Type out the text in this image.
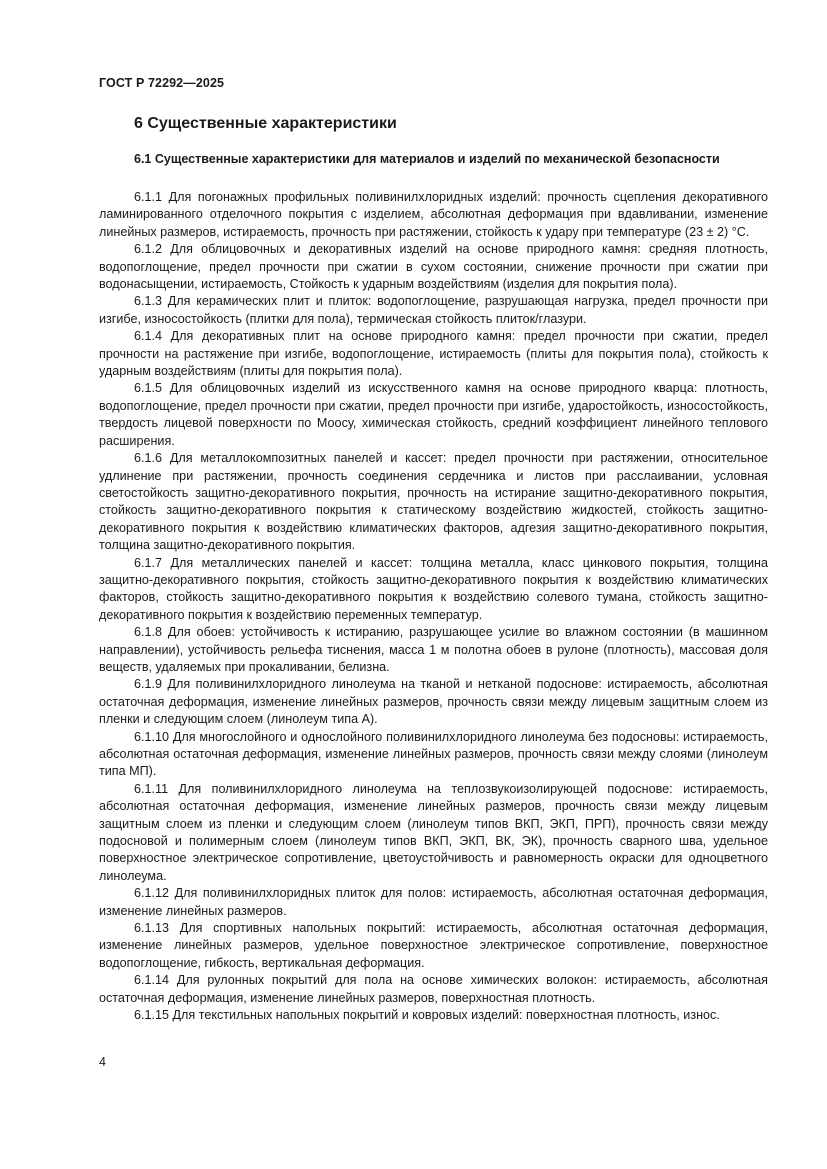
ГОСТ Р 72292—2025
6 Существенные характеристики
6.1 Существенные характеристики для материалов и изделий по механической безопасности

6.1.1 Для погонажных профильных поливинилхлоридных изделий: прочность сцепления декоративного ламинированного отделочного покрытия с изделием, абсолютная деформация при вдавливании, изменение линейных размеров, истираемость, прочность при растяжении, стойкость к удару при температуре (23 ± 2) °С.

6.1.2 Для облицовочных и декоративных изделий на основе природного камня: средняя плотность, водопоглощение, предел прочности при сжатии в сухом состоянии, снижение прочности при сжатии при водонасыщении, истираемость, Стойкость к ударным воздействиям (изделия для покрытия пола).

6.1.3 Для керамических плит и плиток: водопоглощение, разрушающая нагрузка, предел прочности при изгибе, износостойкость (плитки для пола), термическая стойкость плиток/глазури.

6.1.4 Для декоративных плит на основе природного камня: предел прочности при сжатии, предел прочности на растяжение при изгибе, водопоглощение, истираемость (плиты для покрытия пола), стойкость к ударным воздействиям (плиты для покрытия пола).

6.1.5 Для облицовочных изделий из искусственного камня на основе природного кварца: плотность, водопоглощение, предел прочности при сжатии, предел прочности при изгибе, ударостойкость, износостойкость, твердость лицевой поверхности по Моосу, химическая стойкость, средний коэффициент линейного теплового расширения.

6.1.6 Для металлокомпозитных панелей и кассет: предел прочности при растяжении, относительное удлинение при растяжении, прочность соединения сердечника и листов при расслаивании, условная светостойкость защитно-декоративного покрытия, прочность на истирание защитно-декоративного покрытия, стойкость защитно-декоративного покрытия к статическому воздействию жидкостей, стойкость защитно-декоративного покрытия к воздействию климатических факторов, адгезия защитно-декоративного покрытия, толщина защитно-декоративного покрытия.

6.1.7 Для металлических панелей и кассет: толщина металла, класс цинкового покрытия, толщина защитно-декоративного покрытия, стойкость защитно-декоративного покрытия к воздействию климатических факторов, стойкость защитно-декоративного покрытия к воздействию солевого тумана, стойкость защитно-декоративного покрытия к воздействию переменных температур.

6.1.8 Для обоев: устойчивость к истиранию, разрушающее усилие во влажном состоянии (в машинном направлении), устойчивость рельефа тиснения, масса 1 м полотна обоев в рулоне (плотность), массовая доля веществ, удаляемых при прокаливании, белизна.

6.1.9 Для поливинилхлоридного линолеума на тканой и нетканой подоснове: истираемость, абсолютная остаточная деформация, изменение линейных размеров, прочность связи между лицевым защитным слоем из пленки и следующим слоем (линолеум типа А).

6.1.10 Для многослойного и однослойного поливинилхлоридного линолеума без подосновы: истираемость, абсолютная остаточная деформация, изменение линейных размеров, прочность связи между слоями (линолеум типа МП).

6.1.11 Для поливинилхлоридного линолеума на теплозвукоизолирующей подоснове: истираемость, абсолютная остаточная деформация, изменение линейных размеров, прочность связи между лицевым защитным слоем из пленки и следующим слоем (линолеум типов ВКП, ЭКП, ПРП), прочность связи между подосновой и полимерным слоем (линолеум типов ВКП, ЭКП, ВК, ЭК), прочность сварного шва, удельное поверхностное электрическое сопротивление, цветоустойчивость и равномерность окраски для одноцветного линолеума.

6.1.12 Для поливинилхлоридных плиток для полов: истираемость, абсолютная остаточная деформация, изменение линейных размеров.

6.1.13 Для спортивных напольных покрытий: истираемость, абсолютная остаточная деформация, изменение линейных размеров, удельное поверхностное электрическое сопротивление, поверхностное водопоглощение, гибкость, вертикальная деформация.

6.1.14 Для рулонных покрытий для пола на основе химических волокон: истираемость, абсолютная остаточная деформация, изменение линейных размеров, поверхностная плотность.

6.1.15 Для текстильных напольных покрытий и ковровых изделий: поверхностная плотность, износ.

4
